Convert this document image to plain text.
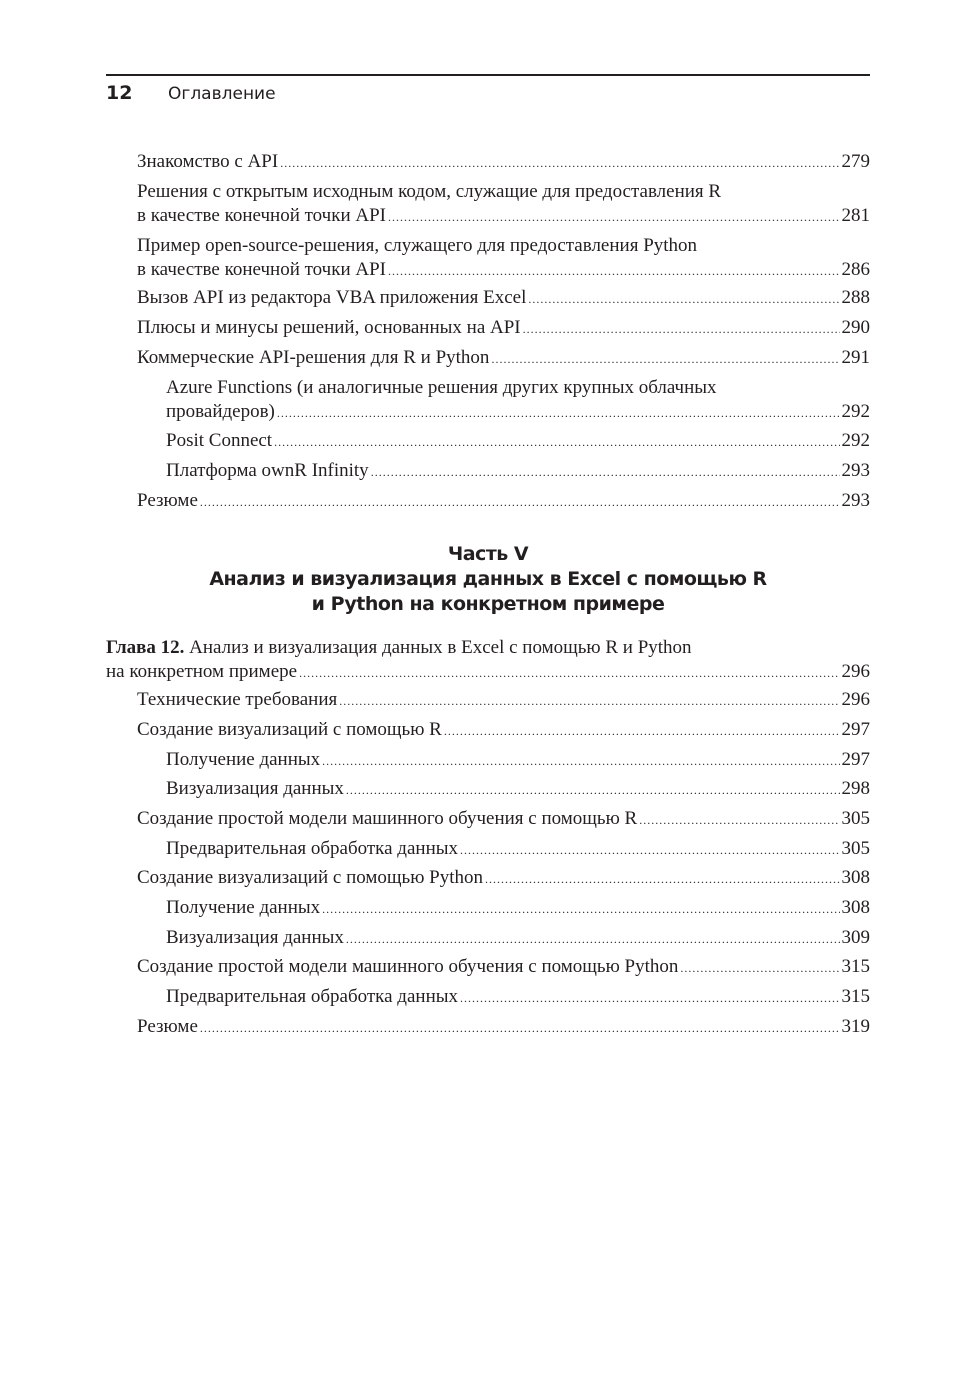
12 Оглавление
Знакомство с API .....	279
Решения с открытым исходным кодом, служащие для предоставления R
в качестве конечной точки API .....	281
Пример open-source-решения, служащего для предоставления Python
в качестве конечной точки API .....	286
Вызов API из редактора VBA приложения Excel .....	288
Плюсы и минусы решений, основанных на API .....	290
Коммерческие API-решения для R и Python .....	291
Azure Functions (и аналогичные решения других крупных облачных
провайдеров) .....	292
Posit Connect .....	292
Платформа ownR Infinity .....	293
Резюме .....	293
Часть V
Анализ и визуализация данных в Excel с помощью R
и Python на конкретном примере
Глава 12. Анализ и визуализация данных в Excel с помощью R и Python
на конкретном примере .....	296
Технические требования .....	296
Создание визуализаций с помощью R .....	297
Получение данных .....	297
Визуализация данных .....	298
Создание простой модели машинного обучения с помощью R .....	305
Предварительная обработка данных .....	305
Создание визуализаций с помощью Python .....	308
Получение данных .....	308
Визуализация данных .....	309
Создание простой модели машинного обучения с помощью Python .....	315
Предварительная обработка данных .....	315
Резюме .....	319
